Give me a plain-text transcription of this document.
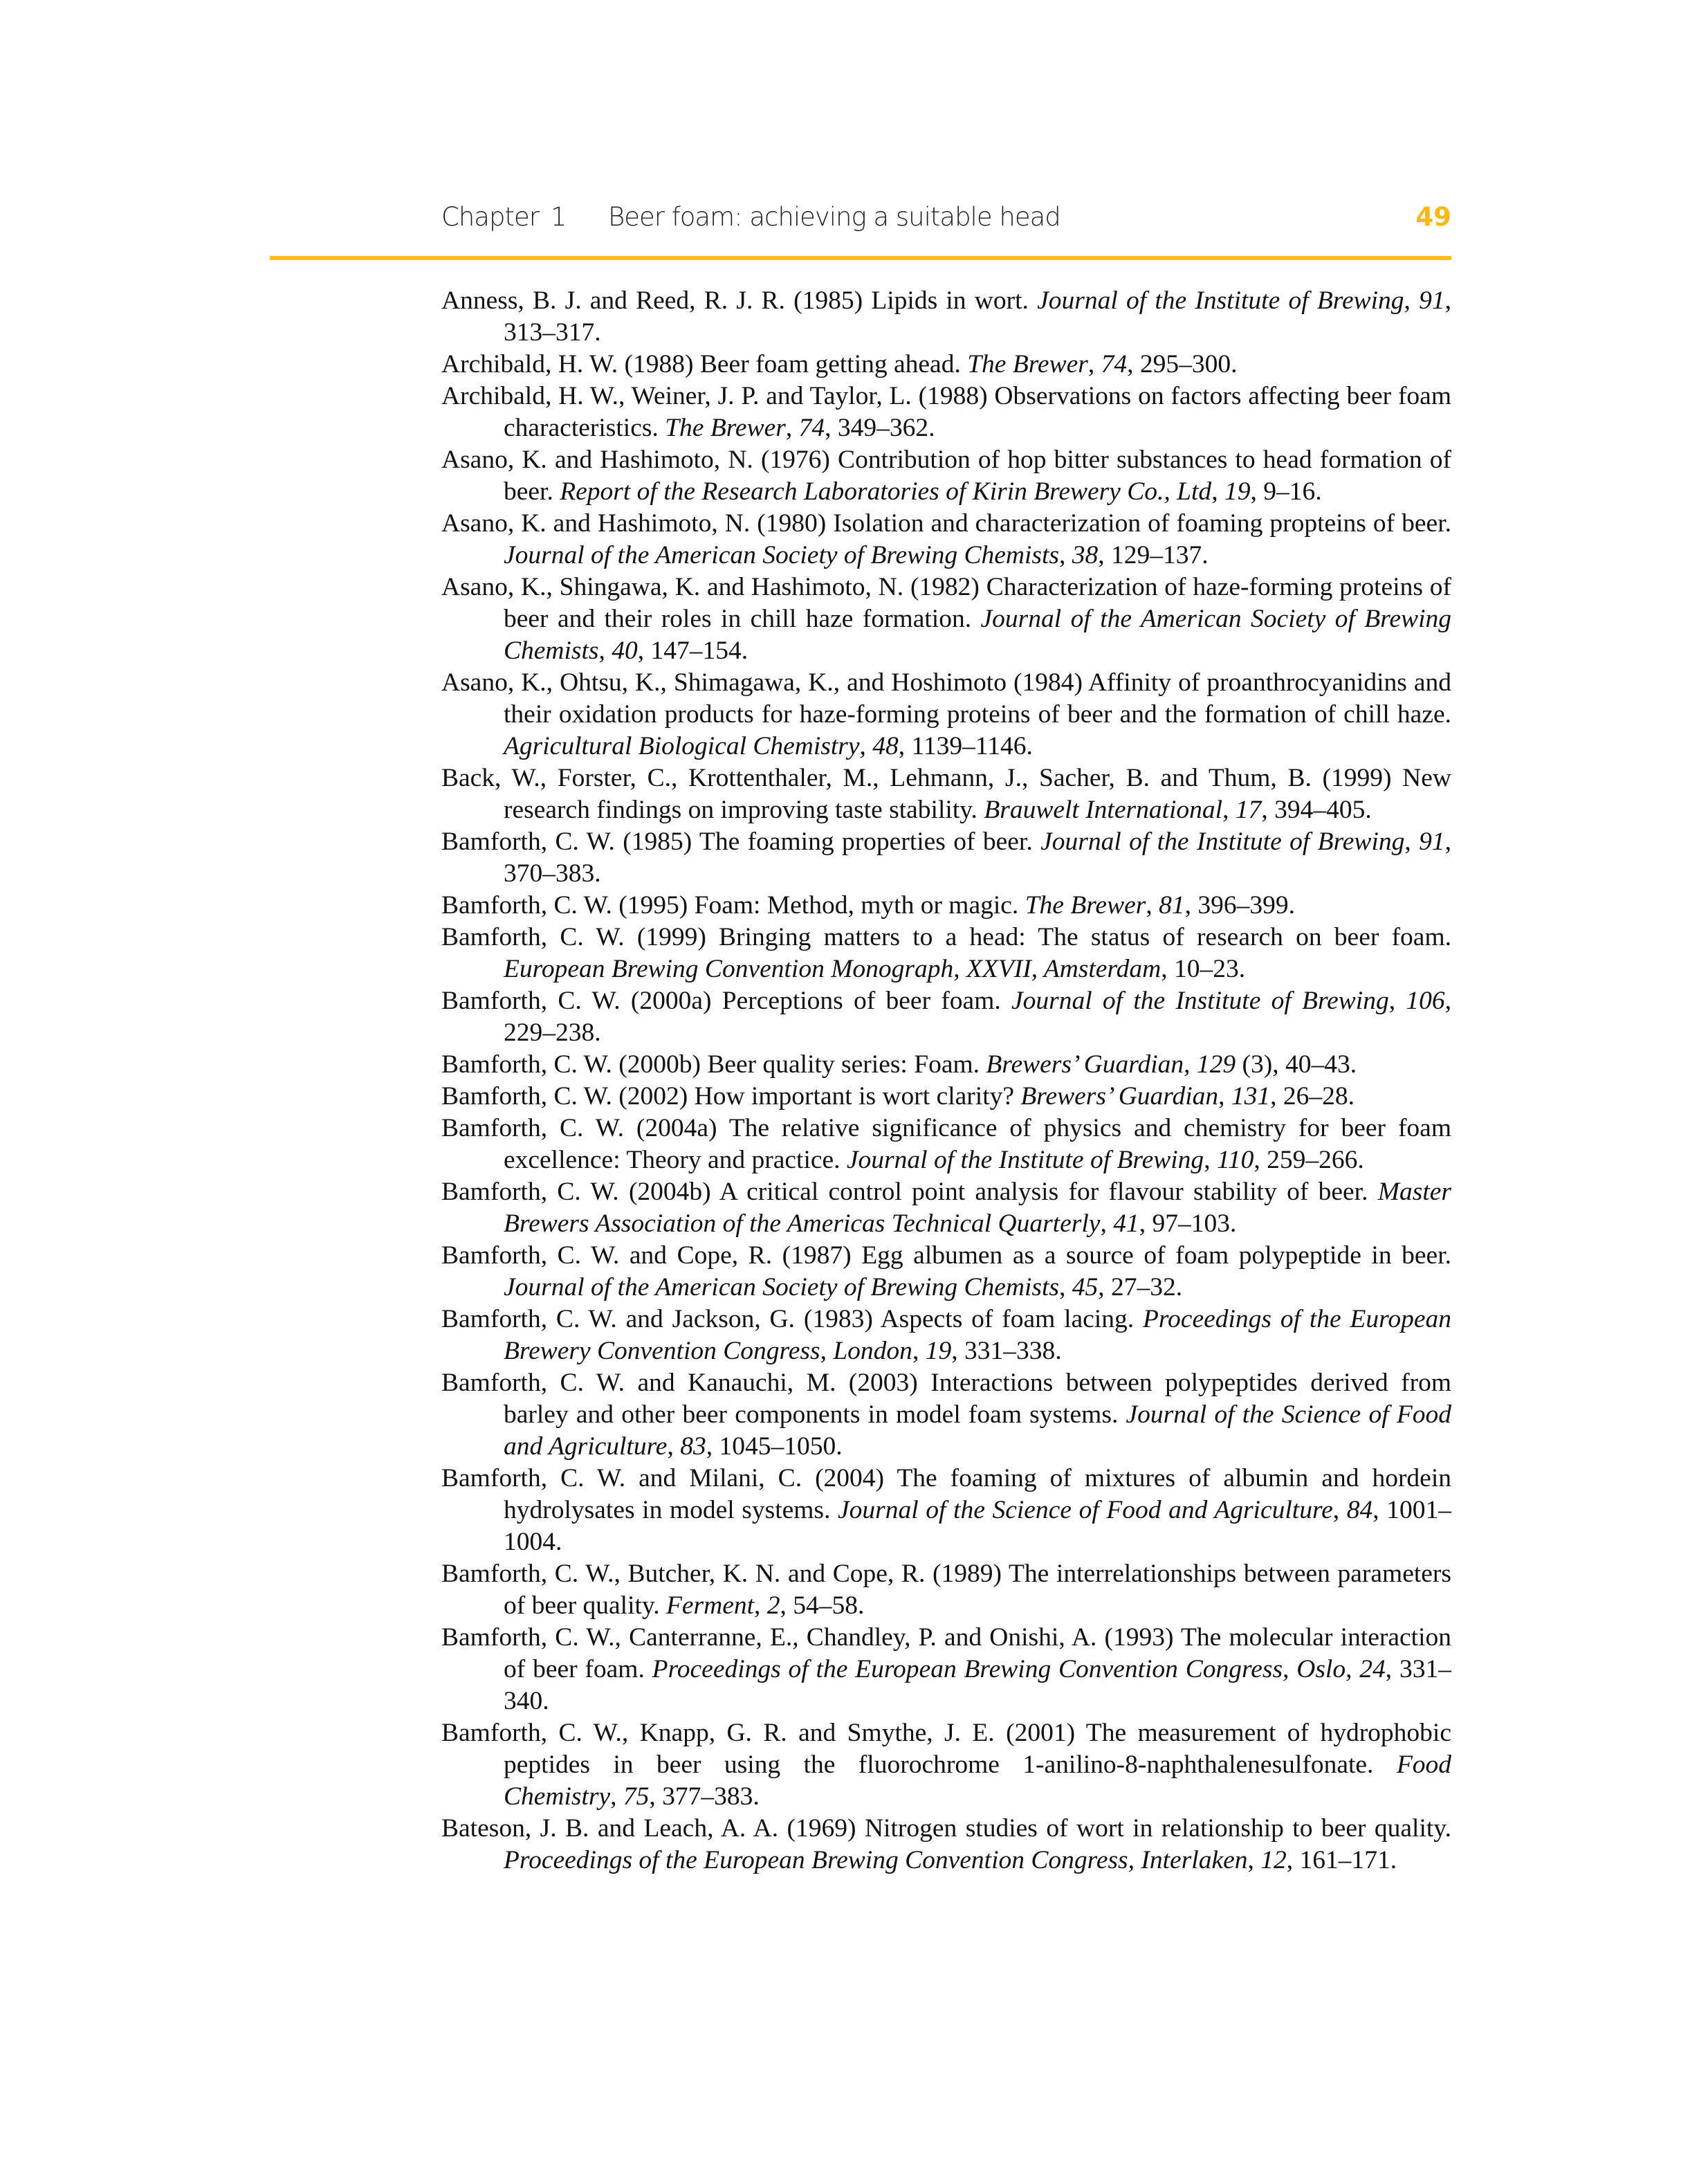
Chapter 1 Beer foam: achieving a suitable head	49

Anness, B. J. and Reed, R. J. R. (1985) Lipids in wort. Journal of the Institute of Brewing, 91, 313–317.

Archibald, H. W. (1988) Beer foam getting ahead. The Brewer, 74, 295–300.

Archibald, H. W., Weiner, J. P. and Taylor, L. (1988) Observations on factors affecting beer foam characteristics. The Brewer, 74, 349–362.

Asano, K. and Hashimoto, N. (1976) Contribution of hop bitter substances to head formation of beer. Report of the Research Laboratories of Kirin Brewery Co., Ltd, 19, 9–16.

Asano, K. and Hashimoto, N. (1980) Isolation and characterization of foaming propteins of beer. Journal of the American Society of Brewing Chemists, 38, 129–137.

Asano, K., Shingawa, K. and Hashimoto, N. (1982) Characterization of haze-forming proteins of beer and their roles in chill haze formation. Journal of the American Society of Brewing Chemists, 40, 147–154.

Asano, K., Ohtsu, K., Shimagawa, K., and Hoshimoto (1984) Affinity of proanthrocyanidins and their oxidation products for haze-forming proteins of beer and the formation of chill haze. Agricultural Biological Chemistry, 48, 1139–1146.

Back, W., Forster, C., Krottenthaler, M., Lehmann, J., Sacher, B. and Thum, B. (1999) New research findings on improving taste stability. Brauwelt International, 17, 394–405.

Bamforth, C. W. (1985) The foaming properties of beer. Journal of the Institute of Brewing, 91, 370–383.

Bamforth, C. W. (1995) Foam: Method, myth or magic. The Brewer, 81, 396–399.

Bamforth, C. W. (1999) Bringing matters to a head: The status of research on beer foam. European Brewing Convention Monograph, XXVII, Amsterdam, 10–23.

Bamforth, C. W. (2000a) Perceptions of beer foam. Journal of the Institute of Brewing, 106, 229–238.

Bamforth, C. W. (2000b) Beer quality series: Foam. Brewers’ Guardian, 129 (3), 40–43.

Bamforth, C. W. (2002) How important is wort clarity? Brewers’ Guardian, 131, 26–28.

Bamforth, C. W. (2004a) The relative significance of physics and chemistry for beer foam excellence: Theory and practice. Journal of the Institute of Brewing, 110, 259–266.

Bamforth, C. W. (2004b) A critical control point analysis for flavour stability of beer. Master Brewers Association of the Americas Technical Quarterly, 41, 97–103.

Bamforth, C. W. and Cope, R. (1987) Egg albumen as a source of foam polypeptide in beer. Journal of the American Society of Brewing Chemists, 45, 27–32.

Bamforth, C. W. and Jackson, G. (1983) Aspects of foam lacing. Proceedings of the European Brewery Convention Congress, London, 19, 331–338.

Bamforth, C. W. and Kanauchi, M. (2003) Interactions between polypeptides derived from barley and other beer components in model foam systems. Journal of the Science of Food and Agriculture, 83, 1045–1050.

Bamforth, C. W. and Milani, C. (2004) The foaming of mixtures of albumin and hordein hydrolysates in model systems. Journal of the Science of Food and Agriculture, 84, 1001–1004.

Bamforth, C. W., Butcher, K. N. and Cope, R. (1989) The interrelationships between parameters of beer quality. Ferment, 2, 54–58.

Bamforth, C. W., Canterranne, E., Chandley, P. and Onishi, A. (1993) The molecular interaction of beer foam. Proceedings of the European Brewing Convention Congress, Oslo, 24, 331–340.

Bamforth, C. W., Knapp, G. R. and Smythe, J. E. (2001) The measurement of hydrophobic peptides in beer using the fluorochrome 1-anilino-8-naphthalenesulfonate. Food Chemistry, 75, 377–383.

Bateson, J. B. and Leach, A. A. (1969) Nitrogen studies of wort in relationship to beer quality. Proceedings of the European Brewing Convention Congress, Interlaken, 12, 161–171.
